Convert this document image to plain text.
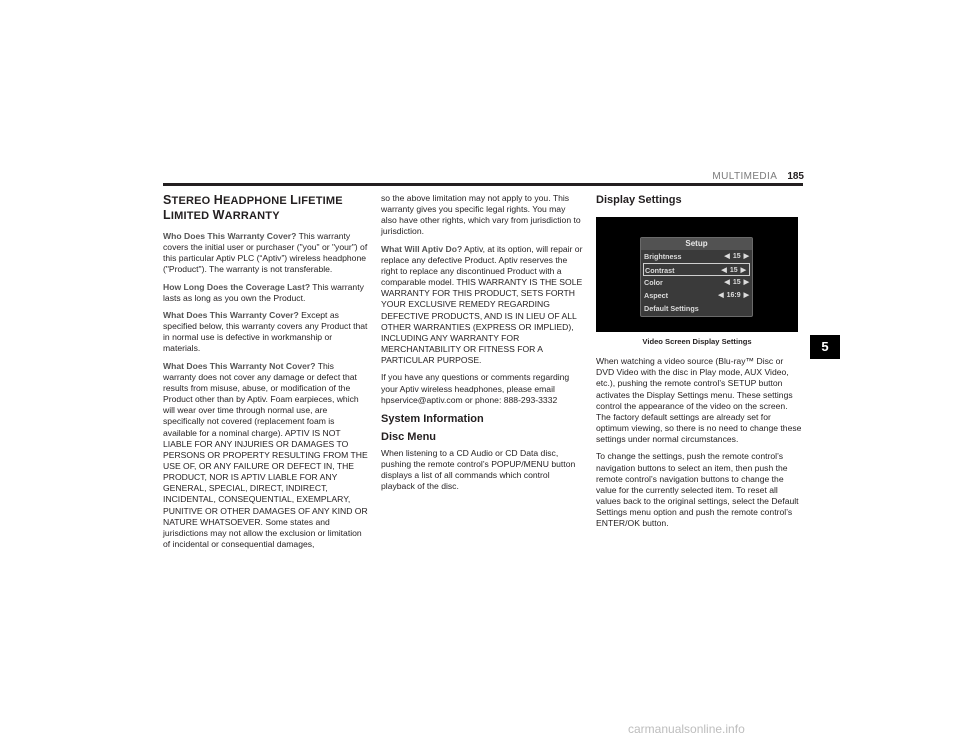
MULTIMEDIA 185
STEREO HEADPHONE LIFETIME LIMITED WARRANTY

Who Does This Warranty Cover? This warranty covers the initial user or purchaser ("you" or "your") of this particular Aptiv PLC (“Aptiv”) wireless headphone ("Product"). The warranty is not transferable.

How Long Does the Coverage Last? This warranty lasts as long as you own the Product.

What Does This Warranty Cover? Except as specified below, this warranty covers any Product that in normal use is defective in workmanship or materials.

What Does This Warranty Not Cover? This warranty does not cover any damage or defect that results from misuse, abuse, or modification of the Product other than by Aptiv. Foam earpieces, which will wear over time through normal use, are specifically not covered (replacement foam is available for a nominal charge). APTIV IS NOT LIABLE FOR ANY INJURIES OR DAMAGES TO PERSONS OR PROPERTY RESULTING FROM THE USE OF, OR ANY FAILURE OR DEFECT IN, THE PRODUCT, NOR IS APTIV LIABLE FOR ANY GENERAL, SPECIAL, DIRECT, INDIRECT, INCIDENTAL, CONSEQUENTIAL, EXEMPLARY, PUNITIVE OR OTHER DAMAGES OF ANY KIND OR NATURE WHATSOEVER. Some states and jurisdictions may not allow the exclusion or limitation of incidental or consequential damages,

so the above limitation may not apply to you. This warranty gives you specific legal rights. You may also have other rights, which vary from jurisdiction to jurisdiction.

What Will Aptiv Do? Aptiv, at its option, will repair or replace any defective Product. Aptiv reserves the right to replace any discontinued Product with a comparable model. THIS WARRANTY IS THE SOLE WARRANTY FOR THIS PRODUCT, SETS FORTH YOUR EXCLUSIVE REMEDY REGARDING DEFECTIVE PRODUCTS, AND IS IN LIEU OF ALL OTHER WARRANTIES (EXPRESS OR IMPLIED), INCLUDING ANY WARRANTY FOR MERCHANTABILITY OR FITNESS FOR A PARTICULAR PURPOSE.

If you have any questions or comments regarding your Aptiv wireless headphones, please email hpservice@aptiv.com or phone: 888-293-3332

System Information
Disc Menu

When listening to a CD Audio or CD Data disc, pushing the remote control’s POPUP/MENU button displays a list of all commands which control playback of the disc.

Display Settings
Setup
Brightness	◀ 15 ▶
Contrast	◀ 15 ▶
Color	◀ 15 ▶
Aspect	◀ 16:9 ▶
Default Settings
Video Screen Display Settings

When watching a video source (Blu-ray™ Disc or DVD Video with the disc in Play mode, AUX Video, etc.), pushing the remote control’s SETUP button activates the Display Settings menu. These settings control the appearance of the video on the screen. The factory default settings are already set for optimum viewing, so there is no need to change these settings under normal circumstances.

To change the settings, push the remote control’s navigation buttons to select an item, then push the remote control’s navigation buttons to change the value for the currently selected item. To reset all values back to the original settings, select the Default Settings menu option and push the remote control’s ENTER/OK button.

5
carmanualsonline.info
